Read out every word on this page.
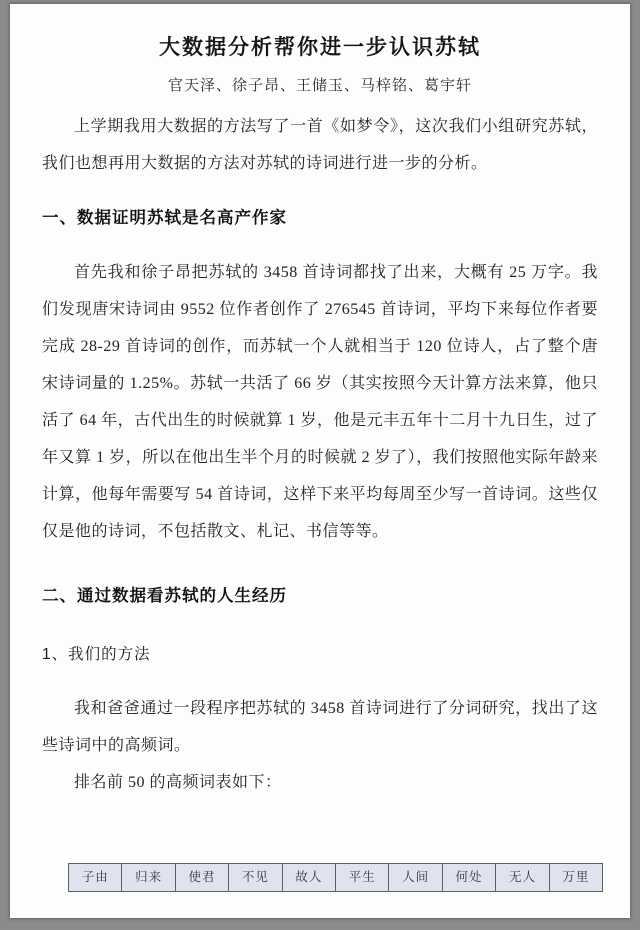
大数据分析帮你进一步认识苏轼
官天泽、徐子昂、王储玉、马梓铭、葛宇轩
上学期我用大数据的方法写了一首《如梦令》，这次我们小组研究苏轼，我们也想再用大数据的方法对苏轼的诗词进行进一步的分析。
一、数据证明苏轼是名高产作家
首先我和徐子昂把苏轼的 3458 首诗词都找了出来，大概有 25 万字。我们发现唐宋诗词由 9552 位作者创作了 276545 首诗词，平均下来每位作者要完成 28-29 首诗词的创作，而苏轼一个人就相当于 120 位诗人，占了整个唐宋诗词量的 1.25%。苏轼一共活了 66 岁（其实按照今天计算方法来算，他只活了 64 年，古代出生的时候就算 1 岁，他是元丰五年十二月十九日生，过了年又算 1 岁，所以在他出生半个月的时候就 2 岁了），我们按照他实际年龄来计算，他每年需要写 54 首诗词，这样下来平均每周至少写一首诗词。这些仅仅是他的诗词，不包括散文、札记、书信等等。
二、通过数据看苏轼的人生经历
1、我们的方法
我和爸爸通过一段程序把苏轼的 3458 首诗词进行了分词研究，找出了这些诗词中的高频词。
排名前 50 的高频词表如下：
子由	归来	使君	不见	故人	平生	人间	何处	无人	万里
